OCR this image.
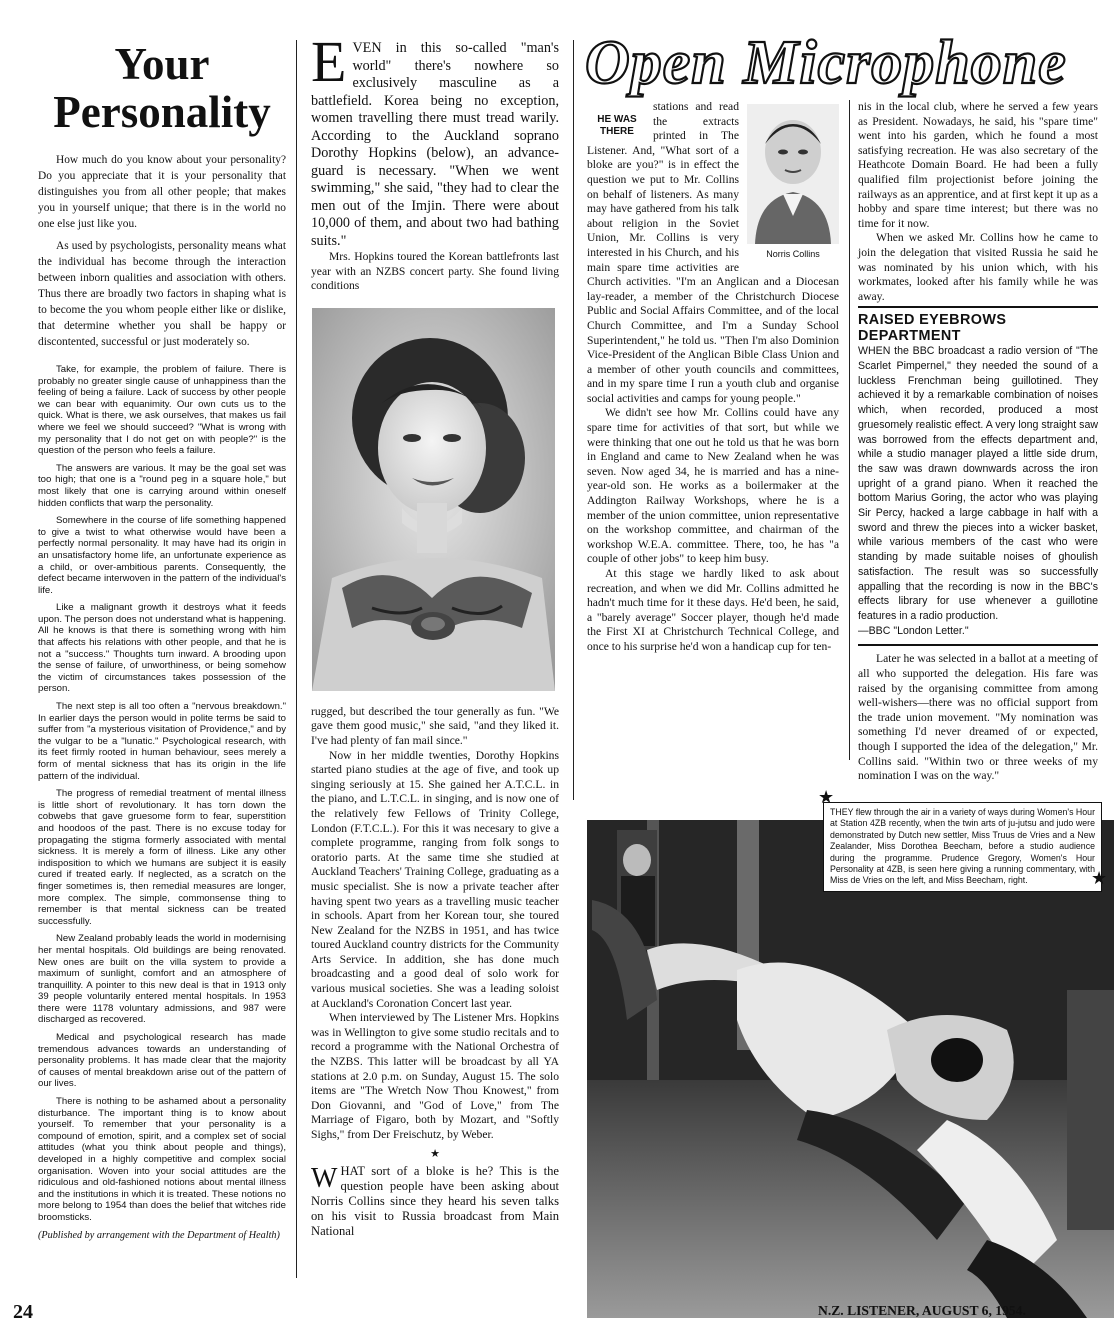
Your
Personality

How much do you know about your personality? Do you appreciate that it is your personality that distinguishes you from all other people; that makes you in yourself unique; that there is in the world no one else just like you.

As used by psychologists, personality means what the individual has become through the interaction between inborn qualities and association with others. Thus there are broadly two factors in shaping what is to become the you whom people either like or dislike, that determine whether you shall be happy or discontented, successful or just moderately so.

Take, for example, the problem of failure. There is probably no greater single cause of unhappiness than the feeling of being a failure. Lack of success by other people we can bear with equanimity. Our own cuts us to the quick. What is there, we ask ourselves, that makes us fail where we feel we should succeed? "What is wrong with my personality that I do not get on with people?" is the question of the person who feels a failure.

The answers are various. It may be the goal set was too high; that one is a "round peg in a square hole," but most likely that one is carrying around within oneself hidden conflicts that warp the personality.

Somewhere in the course of life something happened to give a twist to what otherwise would have been a perfectly normal personality. It may have had its origin in an unsatisfactory home life, an unfortunate experience as a child, or over-ambitious parents. Consequently, the defect became interwoven in the pattern of the individual's life.

Like a malignant growth it destroys what it feeds upon. The person does not understand what is happening. All he knows is that there is something wrong with him that affects his relations with other people, and that he is not a "success." Thoughts turn inward. A brooding upon the sense of failure, of unworthiness, or being somehow the victim of circumstances takes possession of the person.

The next step is all too often a "nervous breakdown." In earlier days the person would in polite terms be said to suffer from "a mysterious visitation of Providence," and by the vulgar to be a "lunatic." Psychological research, with its feet firmly rooted in human behaviour, sees merely a form of mental sickness that has its origin in the life pattern of the individual.

The progress of remedial treatment of mental illness is little short of revolutionary. It has torn down the cobwebs that gave gruesome form to fear, superstition and hoodoos of the past. There is no excuse today for propagating the stigma formerly associated with mental sickness. It is merely a form of illness. Like any other indisposition to which we humans are subject it is easily cured if treated early. If neglected, as a scratch on the finger sometimes is, then remedial measures are longer, more complex. The simple, commonsense thing to remember is that mental sickness can be treated successfully.

New Zealand probably leads the world in modernising her mental hospitals. Old buildings are being renovated. New ones are built on the villa system to provide a maximum of sunlight, comfort and an atmosphere of tranquillity. A pointer to this new deal is that in 1913 only 39 people voluntarily entered mental hospitals. In 1953 there were 1178 voluntary admissions, and 987 were discharged as recovered.

Medical and psychological research has made tremendous advances towards an understanding of personality problems. It has made clear that the majority of causes of mental breakdown arise out of the pattern of our lives.

There is nothing to be ashamed about a personality disturbance. The important thing is to know about yourself. To remember that your personality is a compound of emotion, spirit, and a complex set of social attitudes (what you think about people and things), developed in a highly competitive and complex social organisation. Woven into your social attitudes are the ridiculous and old-fashioned notions about mental illness and the institutions in which it is treated. These notions no more belong to 1954 than does the belief that witches ride broomsticks.

(Published by arrangement with the Department of Health)

E VEN in this so-called "man's world" there's nowhere so exclusively masculine as a battlefield. Korea being no exception, women travelling there must tread warily. According to the Auckland soprano Dorothy Hopkins (below), an advance-guard is necessary. "When we went swimming," she said, "they had to clear the men out of the Imjin. There were about 10,000 of them, and about two had bathing suits."

Mrs. Hopkins toured the Korean battlefronts last year with an NZBS concert party. She found living conditions

rugged, but described the tour generally as fun. "We gave them good music," she said, "and they liked it. I've had plenty of fan mail since."

Now in her middle twenties, Dorothy Hopkins started piano studies at the age of five, and took up singing seriously at 15. She gained her A.T.C.L. in the piano, and L.T.C.L. in singing, and is now one of the relatively few Fellows of Trinity College, London (F.T.C.L.). For this it was necesary to give a complete programme, ranging from folk songs to oratorio parts. At the same time she studied at Auckland Teachers' Training College, graduating as a music specialist. She is now a private teacher after having spent two years as a travelling music teacher in schools. Apart from her Korean tour, she toured New Zealand for the NZBS in 1951, and has twice toured Auckland country districts for the Community Arts Service. In addition, she has done much broadcasting and a good deal of solo work for various musical societies. She was a leading soloist at Auckland's Coronation Concert last year.

When interviewed by The Listener Mrs. Hopkins was in Wellington to give some studio recitals and to record a programme with the National Orchestra of the NZBS. This latter will be broadcast by all YA stations at 2.0 p.m. on Sunday, August 15. The solo items are "The Wretch Now Thou Knowest," from Don Giovanni, and "God of Love," from The Marriage of Figaro, both by Mozart, and "Softly Sighs," from Der Freischutz, by Weber.

★
W HAT sort of a bloke is he? This is the question people have been asking about Norris Collins since they heard his seven talks on his visit to Russia broadcast from Main National

Open Microphone
HE WAS
THERE
Norris Collins

stations and read the extracts printed in The Listener. And, "What sort of a bloke are you?" is in effect the question we put to Mr. Collins on behalf of listeners. As many may have gathered from his talk about religion in the Soviet Union, Mr. Collins is very interested in his Church, and his main spare time activities are Church activities. "I'm an Anglican and a Diocesan lay-reader, a member of the Christchurch Diocese Public and Social Affairs Committee, and of the local Church Committee, and I'm a Sunday School Superintendent," he told us. "Then I'm also Dominion Vice-President of the Anglican Bible Class Union and a member of other youth councils and committees, and in my spare time I run a youth club and organise social activities and camps for young people."

We didn't see how Mr. Collins could have any spare time for activities of that sort, but while we were thinking that one out he told us that he was born in England and came to New Zealand when he was seven. Now aged 34, he is married and has a nine-year-old son. He works as a boilermaker at the Addington Railway Workshops, where he is a member of the union committee, union representative on the workshop committee, and chairman of the workshop W.E.A. committee. There, too, he has "a couple of other jobs" to keep him busy.

At this stage we hardly liked to ask about recreation, and when we did Mr. Collins admitted he hadn't much time for it these days. He'd been, he said, a "barely average" Soccer player, though he'd made the First XI at Christchurch Technical College, and once to his surprise he'd won a handicap cup for ten-

nis in the local club, where he served a few years as President. Nowadays, he said, his "spare time" went into his garden, which he found a most satisfying recreation. He was also secretary of the Heathcote Domain Board. He had been a fully qualified film projectionist before joining the railways as an apprentice, and at first kept it up as a hobby and spare time interest; but there was no time for it now.

When we asked Mr. Collins how he came to join the delegation that visited Russia he said he was nominated by his union which, with his workmates, looked after his family while he was away.

RAISED EYEBROWS DEPARTMENT

WHEN the BBC broadcast a radio version of "The Scarlet Pimpernel," they needed the sound of a luckless Frenchman being guillotined. They achieved it by a remarkable combination of noises which, when recorded, produced a most gruesomely realistic effect. A very long straight saw was borrowed from the effects department and, while a studio manager played a little side drum, the saw was drawn downwards across the iron upright of a grand piano. When it reached the bottom Marius Goring, the actor who was playing Sir Percy, hacked a large cabbage in half with a sword and threw the pieces into a wicker basket, while various members of the cast who were standing by made suitable noises of ghoulish satisfaction. The result was so successfully appalling that the recording is now in the BBC's effects library for use whenever a guillotine features in a radio production.

—BBC "London Letter."

Later he was selected in a ballot at a meeting of all who supported the delegation. His fare was raised by the organising committee from among well-wishers—there was no official support from the trade union movement. "My nomination was something I'd never dreamed of or expected, though I supported the idea of the delegation," Mr. Collins said. "Within two or three weeks of my nomination I was on the way."

THEY flew through the air in a variety of ways during Women's Hour at Station 4ZB recently, when the twin arts of ju-jutsu and judo were demonstrated by Dutch new settler, Miss Truus de Vries and a New Zealander, Miss Dorothea Beecham, before a studio audience during the programme. Prudence Gregory, Women's Hour Personality at 4ZB, is seen here giving a running commentary, with Miss de Vries on the left, and Miss Beecham, right.

★
★
24	N.Z. LISTENER, AUGUST 6, 1954.
